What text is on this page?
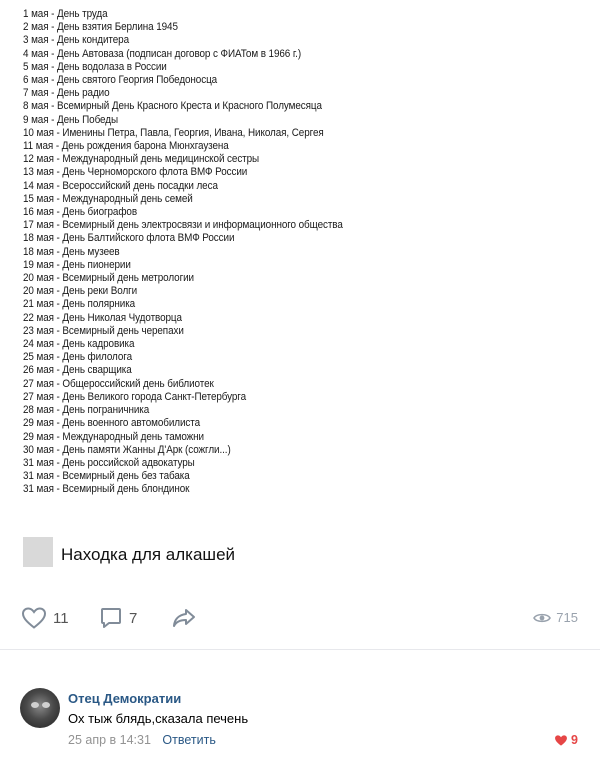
1 мая - День труда
2 мая - День взятия Берлина 1945
3 мая - День кондитера
4 мая - День Автоваза (подписан договор с ФИАТом в 1966 г.)
5 мая - День водолаза в России
6 мая - День святого Георгия Победоносца
7 мая - День радио
8 мая - Всемирный День Красного Креста и Красного Полумесяца
9 мая - День Победы
10 мая - Именины Петра, Павла, Георгия, Ивана, Николая, Сергея
11 мая - День рождения барона Мюнхгаузена
12 мая - Международный день медицинской сестры
13 мая - День Черноморского флота ВМФ России
14 мая - Всероссийский день посадки леса
15 мая - Международный день семей
16 мая - День биографов
17 мая - Всемирный день электросвязи и информационного общества
18 мая - День Балтийского флота ВМФ России
18 мая - День музеев
19 мая - День пионерии
20 мая - Всемирный день метрологии
20 мая - День реки Волги
21 мая - День полярника
22 мая - День Николая Чудотворца
23 мая - Всемирный день черепахи
24 мая - День кадровика
25 мая - День филолога
26 мая - День сварщика
27 мая - Общероссийский день библиотек
27 мая - День Великого города Санкт-Петербурга
28 мая - День пограничника
29 мая - День военного автомобилиста
29 мая - Международный день таможни
30 мая - День памяти Жанны Д'Арк (сожгли...)
31 мая - День российской адвокатуры
31 мая - Всемирный день без табака
31 мая - Всемирный день блондинок
Находка для алкашей
11	7	715
Отец Демократии
Ох тыж блядь,сказала печень
25 апр в 14:31 Ответить	9
